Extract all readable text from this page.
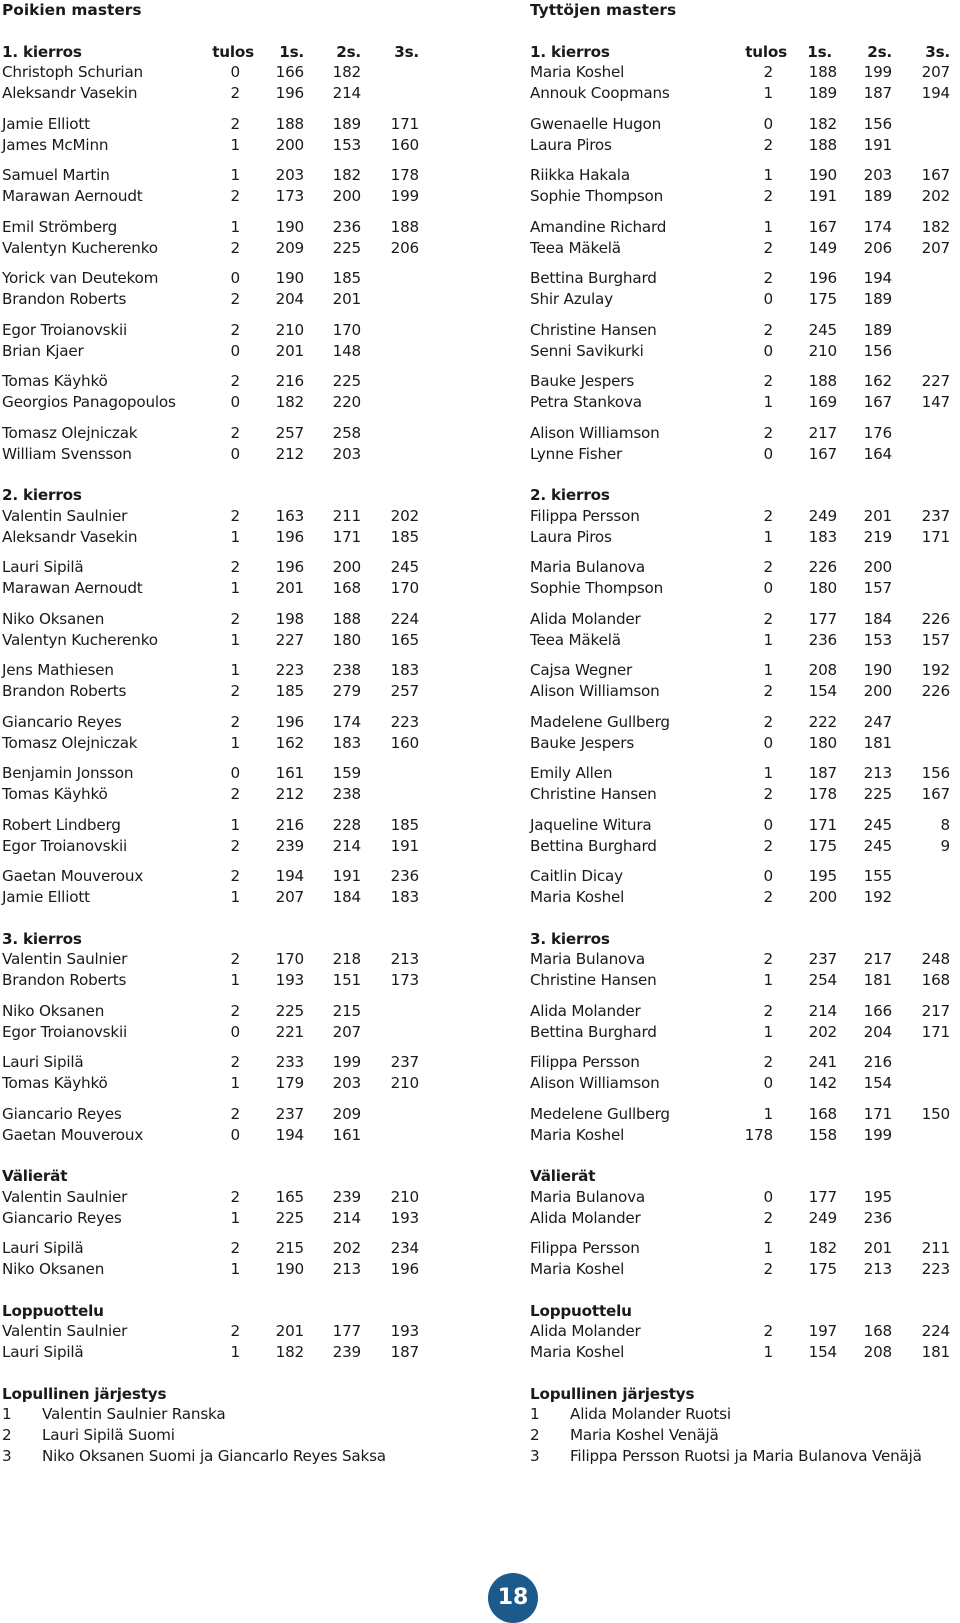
Poikien masters
1. kierros	tulos	1s.	2s.	3s.
Christoph Schurian	0	166	182
Aleksandr Vasekin	2	196	214
Jamie Elliott	2	188	189	171
James McMinn	1	200	153	160
Samuel Martin	1	203	182	178
Marawan Aernoudt	2	173	200	199
Emil Strömberg	1	190	236	188
Valentyn Kucherenko	2	209	225	206
Yorick van Deutekom	0	190	185
Brandon Roberts	2	204	201
Egor Troianovskii	2	210	170
Brian Kjaer	0	201	148
Tomas Käyhkö	2	216	225
Georgios Panagopoulos	0	182	220
Tomasz Olejniczak	2	257	258
William Svensson	0	212	203
2. kierros
Valentin Saulnier	2	163	211	202
Aleksandr Vasekin	1	196	171	185
Lauri Sipilä	2	196	200	245
Marawan Aernoudt	1	201	168	170
Niko Oksanen	2	198	188	224
Valentyn Kucherenko	1	227	180	165
Jens Mathiesen	1	223	238	183
Brandon Roberts	2	185	279	257
Giancario Reyes	2	196	174	223
Tomasz Olejniczak	1	162	183	160
Benjamin Jonsson	0	161	159
Tomas Käyhkö	2	212	238
Robert Lindberg	1	216	228	185
Egor Troianovskii	2	239	214	191
Gaetan Mouveroux	2	194	191	236
Jamie Elliott	1	207	184	183
3. kierros
Valentin Saulnier	2	170	218	213
Brandon Roberts	1	193	151	173
Niko Oksanen	2	225	215
Egor Troianovskii	0	221	207
Lauri Sipilä	2	233	199	237
Tomas Käyhkö	1	179	203	210
Giancario Reyes	2	237	209
Gaetan Mouveroux	0	194	161
Välierät
Valentin Saulnier	2	165	239	210
Giancario Reyes	1	225	214	193
Lauri Sipilä	2	215	202	234
Niko Oksanen	1	190	213	196
Loppuottelu
Valentin Saulnier	2	201	177	193
Lauri Sipilä	1	182	239	187
Lopullinen järjestys
1	Valentin Saulnier Ranska
2	Lauri Sipilä Suomi
3	Niko Oksanen Suomi ja Giancarlo Reyes Saksa
Tyttöjen masters
1. kierros	tulos	1s.	2s.	3s.
Maria Koshel	2	188	199	207
Annouk Coopmans	1	189	187	194
Gwenaelle Hugon	0	182	156
Laura Piros	2	188	191
Riikka Hakala	1	190	203	167
Sophie Thompson	2	191	189	202
Amandine Richard	1	167	174	182
Teea Mäkelä	2	149	206	207
Bettina Burghard	2	196	194
Shir Azulay	0	175	189
Christine Hansen	2	245	189
Senni Savikurki	0	210	156
Bauke Jespers	2	188	162	227
Petra Stankova	1	169	167	147
Alison Williamson	2	217	176
Lynne Fisher	0	167	164
2. kierros
Filippa Persson	2	249	201	237
Laura Piros	1	183	219	171
Maria Bulanova	2	226	200
Sophie Thompson	0	180	157
Alida Molander	2	177	184	226
Teea Mäkelä	1	236	153	157
Cajsa Wegner	1	208	190	192
Alison Williamson	2	154	200	226
Madelene Gullberg	2	222	247
Bauke Jespers	0	180	181
Emily Allen	1	187	213	156
Christine Hansen	2	178	225	167
Jaqueline Witura	0	171	245	8
Bettina Burghard	2	175	245	9
Caitlin Dicay	0	195	155
Maria Koshel	2	200	192
3. kierros
Maria Bulanova	2	237	217	248
Christine Hansen	1	254	181	168
Alida Molander	2	214	166	217
Bettina Burghard	1	202	204	171
Filippa Persson	2	241	216
Alison Williamson	0	142	154
Medelene Gullberg	1	168	171	150
Maria Koshel	178	158	199
Välierät
Maria Bulanova	0	177	195
Alida Molander	2	249	236
Filippa Persson	1	182	201	211
Maria Koshel	2	175	213	223
Loppuottelu
Alida Molander	2	197	168	224
Maria Koshel	1	154	208	181
Lopullinen järjestys
1	Alida Molander Ruotsi
2	Maria Koshel Venäjä
3	Filippa Persson Ruotsi ja Maria Bulanova Venäjä
18
